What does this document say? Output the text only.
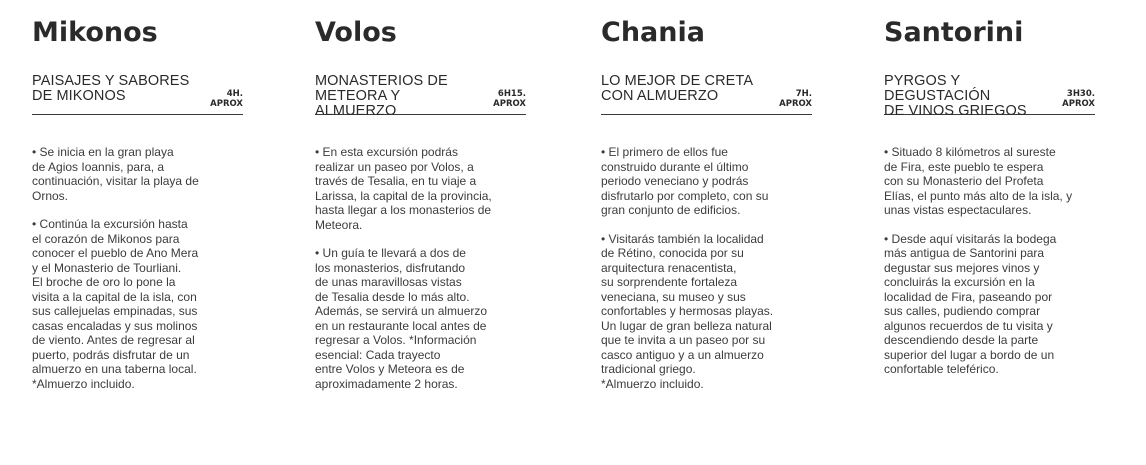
Mikonos
PAISAJES Y SABORES
DE MIKONOS	4H.
APROX

• Se inicia en la gran playa
de Agios Ioannis, para, a
continuación, visitar la playa de
Ornos.

• Continúa la excursión hasta
el corazón de Mikonos para
conocer el pueblo de Ano Mera
y el Monasterio de Tourliani.
El broche de oro lo pone la
visita a la capital de la isla, con
sus callejuelas empinadas, sus
casas encaladas y sus molinos
de viento. Antes de regresar al
puerto, podrás disfrutar de un
almuerzo en una taberna local.
*Almuerzo incluido.

Volos
MONASTERIOS DE
METEORA Y ALMUERZO
6H15.
APROX

• En esta excursión podrás
realizar un paseo por Volos, a
través de Tesalia, en tu viaje a
Larissa, la capital de la provincia,
hasta llegar a los monasterios de
Meteora.

• Un guía te llevará a dos de
los monasterios, disfrutando
de unas maravillosas vistas
de Tesalia desde lo más alto.
Además, se servirá un almuerzo
en un restaurante local antes de
regresar a Volos. *Información
esencial: Cada trayecto
entre Volos y Meteora es de
aproximadamente 2 horas.

Chania
LO MEJOR DE CRETA
CON ALMUERZO	7H.
APROX

• El primero de ellos fue
construido durante el último
periodo veneciano y podrás
disfrutarlo por completo, con su
gran conjunto de edificios.

• Visitarás también la localidad
de Rétino, conocida por su
arquitectura renacentista,
su sorprendente fortaleza
veneciana, su museo y sus
confortables y hermosas playas.
Un lugar de gran belleza natural
que te invita a un paseo por su
casco antiguo y a un almuerzo
tradicional griego.
*Almuerzo incluido.

Santorini
PYRGOS Y DEGUSTACIÓN
DE VINOS GRIEGOS
3H30.
APROX

• Situado 8 kilómetros al sureste
de Fira, este pueblo te espera
con su Monasterio del Profeta
Elías, el punto más alto de la isla, y
unas vistas espectaculares.

• Desde aquí visitarás la bodega
más antigua de Santorini para
degustar sus mejores vinos y
concluirás la excursión en la
localidad de Fira, paseando por
sus calles, pudiendo comprar
algunos recuerdos de tu visita y
descendiendo desde la parte
superior del lugar a bordo de un
confortable teleférico.
